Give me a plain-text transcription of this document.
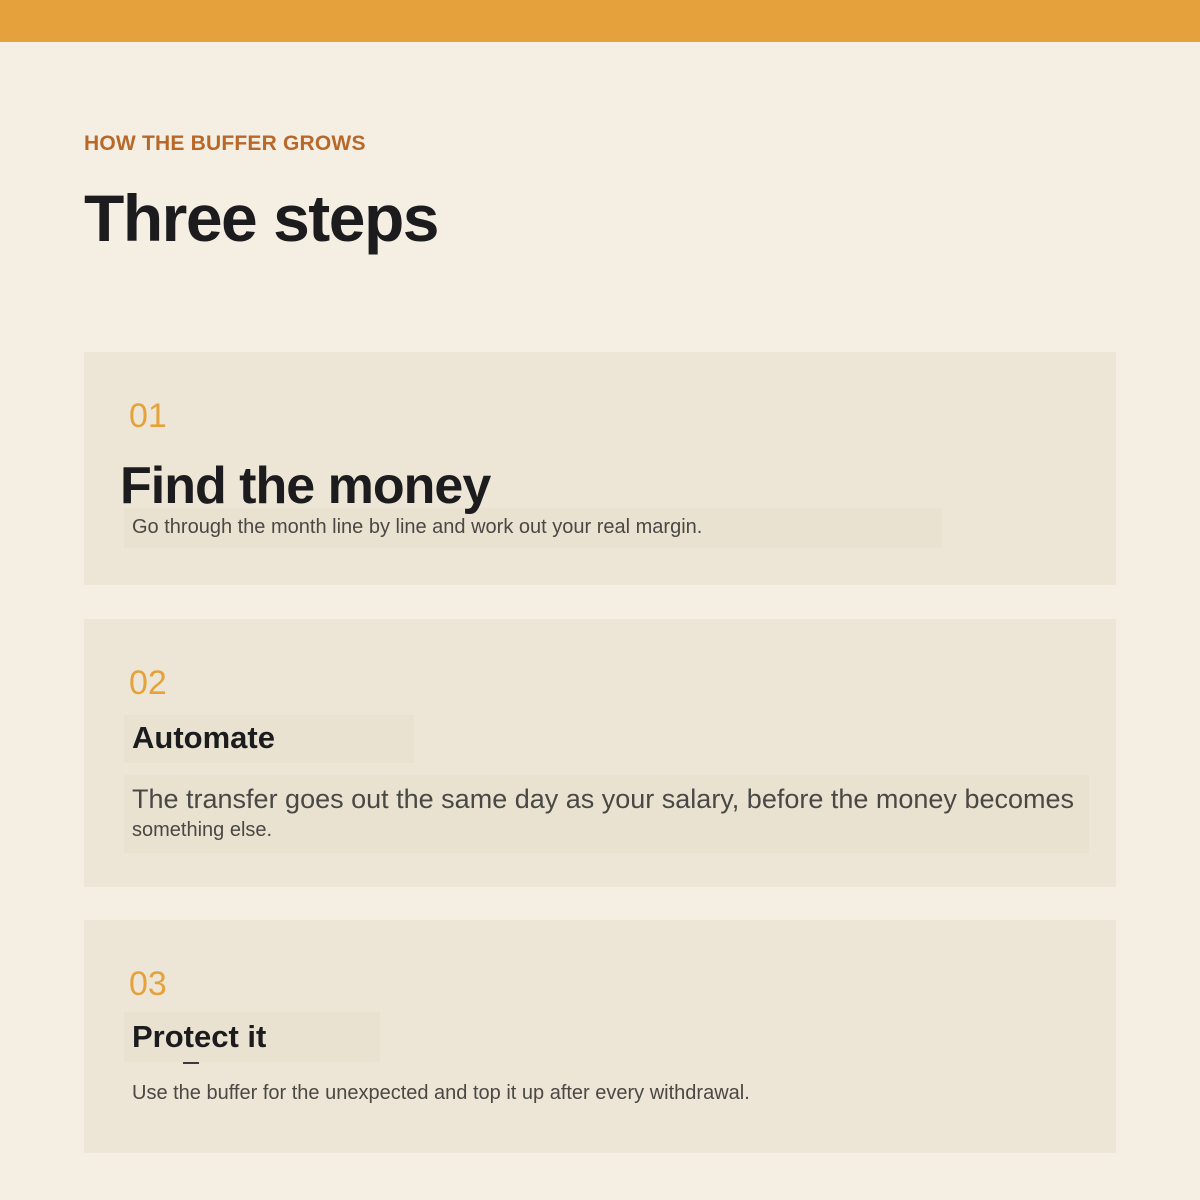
HOW THE BUFFER GROWS
Three steps
01
Find the money
Go through the month line by line and work out your real margin.
02
Automate
The transfer goes out the same day as your salary, before the money becomes
something else.
03
Protect it
Use the buffer for the unexpected and top it up after every withdrawal.
